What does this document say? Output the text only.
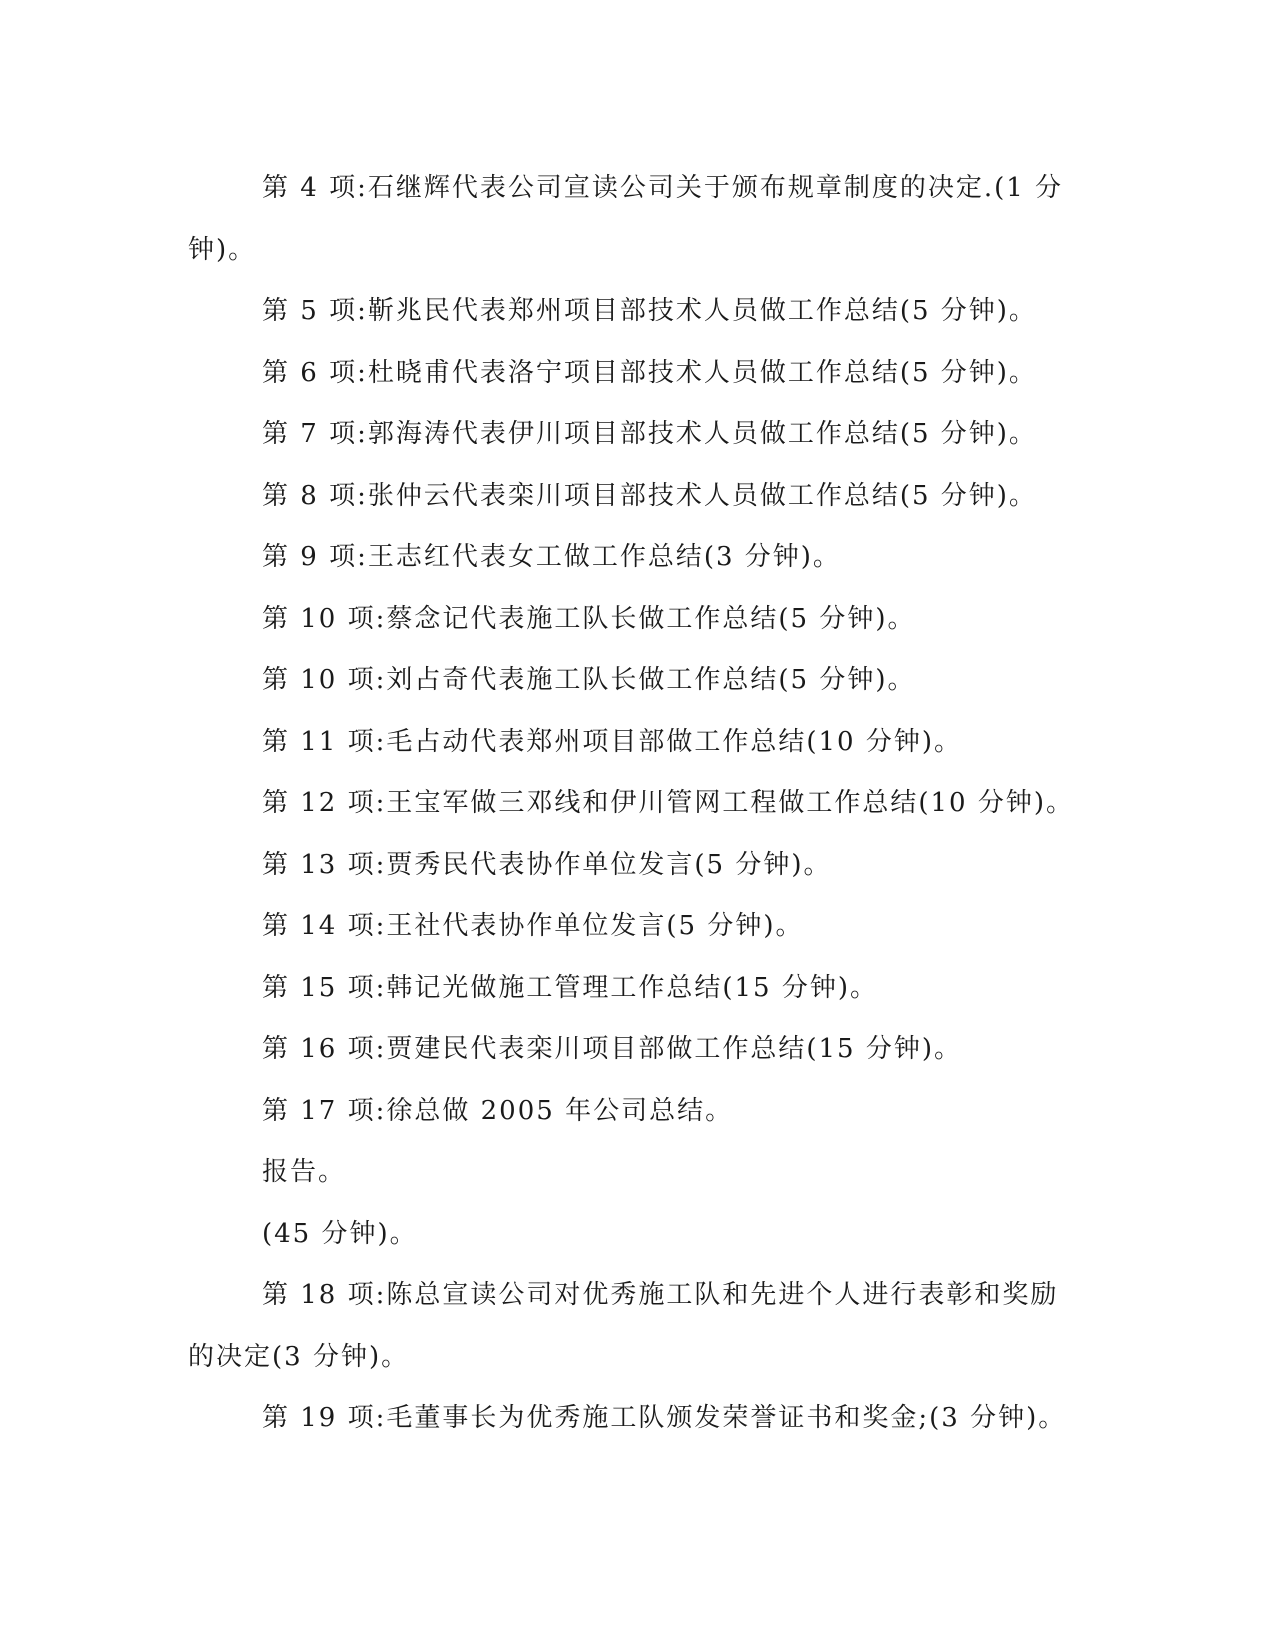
第 4 项:石继辉代表公司宣读公司关于颁布规章制度的决定.(1 分
钟)。
第 5 项:靳兆民代表郑州项目部技术人员做工作总结(5 分钟)。
第 6 项:杜晓甫代表洛宁项目部技术人员做工作总结(5 分钟)。
第 7 项:郭海涛代表伊川项目部技术人员做工作总结(5 分钟)。
第 8 项:张仲云代表栾川项目部技术人员做工作总结(5 分钟)。
第 9 项:王志红代表女工做工作总结(3 分钟)。
第 10 项:蔡念记代表施工队长做工作总结(5 分钟)。
第 10 项:刘占奇代表施工队长做工作总结(5 分钟)。
第 11 项:毛占动代表郑州项目部做工作总结(10 分钟)。
第 12 项:王宝军做三邓线和伊川管网工程做工作总结(10 分钟)。
第 13 项:贾秀民代表协作单位发言(5 分钟)。
第 14 项:王社代表协作单位发言(5 分钟)。
第 15 项:韩记光做施工管理工作总结(15 分钟)。
第 16 项:贾建民代表栾川项目部做工作总结(15 分钟)。
第 17 项:徐总做 2005 年公司总结。
报告。
(45 分钟)。
第 18 项:陈总宣读公司对优秀施工队和先进个人进行表彰和奖励
的决定(3 分钟)。
第 19 项:毛董事长为优秀施工队颁发荣誉证书和奖金;(3 分钟)。
